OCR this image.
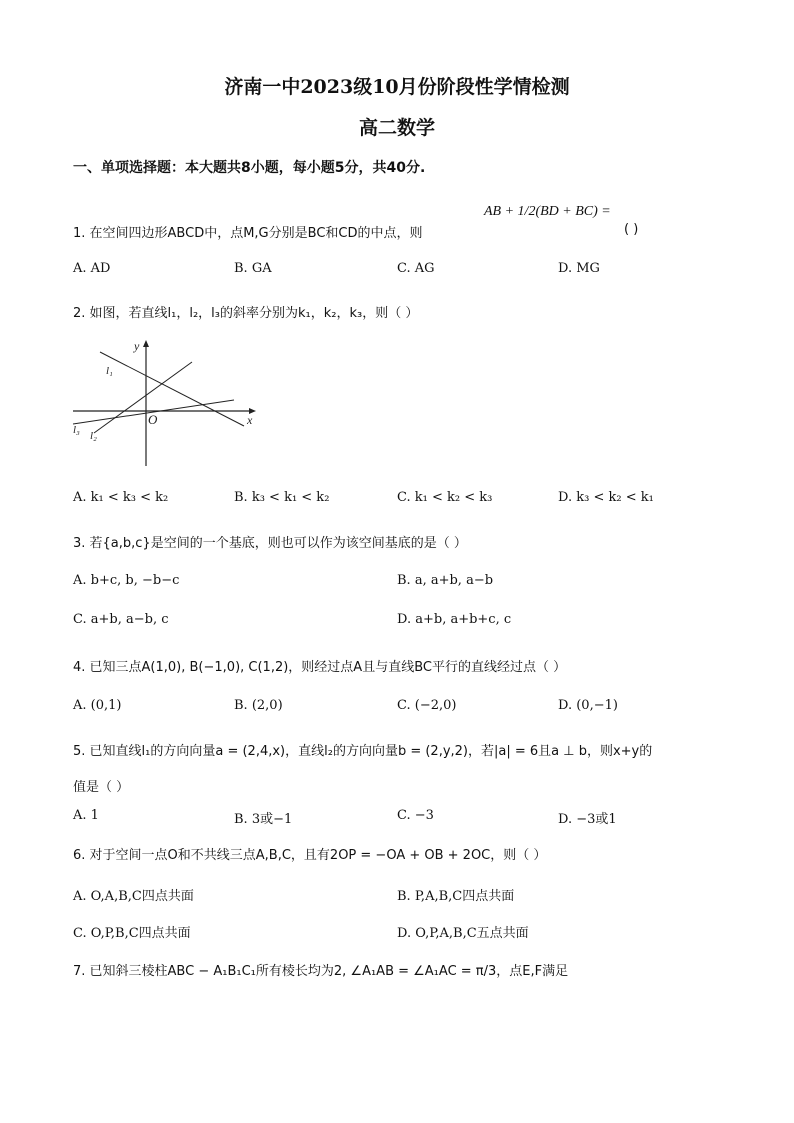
济南一中2023级10月份阶段性学情检测
高二数学
一、单项选择题：本大题共8小题，每小题5分，共40分.
1. 在空间四边形ABCD中，点M,G分别是BC和CD的中点，则
AB + 1/2(BD + BC) =
( )
A. AD	B. GA	C. AG	D. MG
2. 如图，若直线l₁，l₂，l₃的斜率分别为k₁，k₂，k₃，则（ ）
y
x
O
l₁
l₂
l₃
A. k₁ < k₃ < k₂	B. k₃ < k₁ < k₂	C. k₁ < k₂ < k₃	D. k₃ < k₂ < k₁
3. 若{a,b,c}是空间的一个基底，则也可以作为该空间基底的是（ ）
A. b+c, b, −b−c	B. a, a+b, a−b
C. a+b, a−b, c	D. a+b, a+b+c, c
4. 已知三点A(1,0), B(−1,0), C(1,2)，则经过点A且与直线BC平行的直线经过点（ ）
A. (0,1)	B. (2,0)	C. (−2,0)	D. (0,−1)
5. 已知直线l₁的方向向量a = (2,4,x)，直线l₂的方向向量b = (2,y,2)，若|a| = 6且a ⊥ b，则x+y的
值是（ ）
A. 1	B. 3或−1	C. −3	D. −3或1
6. 对于空间一点O和不共线三点A,B,C，且有2OP = −OA + OB + 2OC，则（ ）
A. O,A,B,C四点共面	B. P,A,B,C四点共面
C. O,P,B,C四点共面	D. O,P,A,B,C五点共面
7. 已知斜三棱柱ABC − A₁B₁C₁所有棱长均为2, ∠A₁AB = ∠A₁AC = π/3，点E,F满足
